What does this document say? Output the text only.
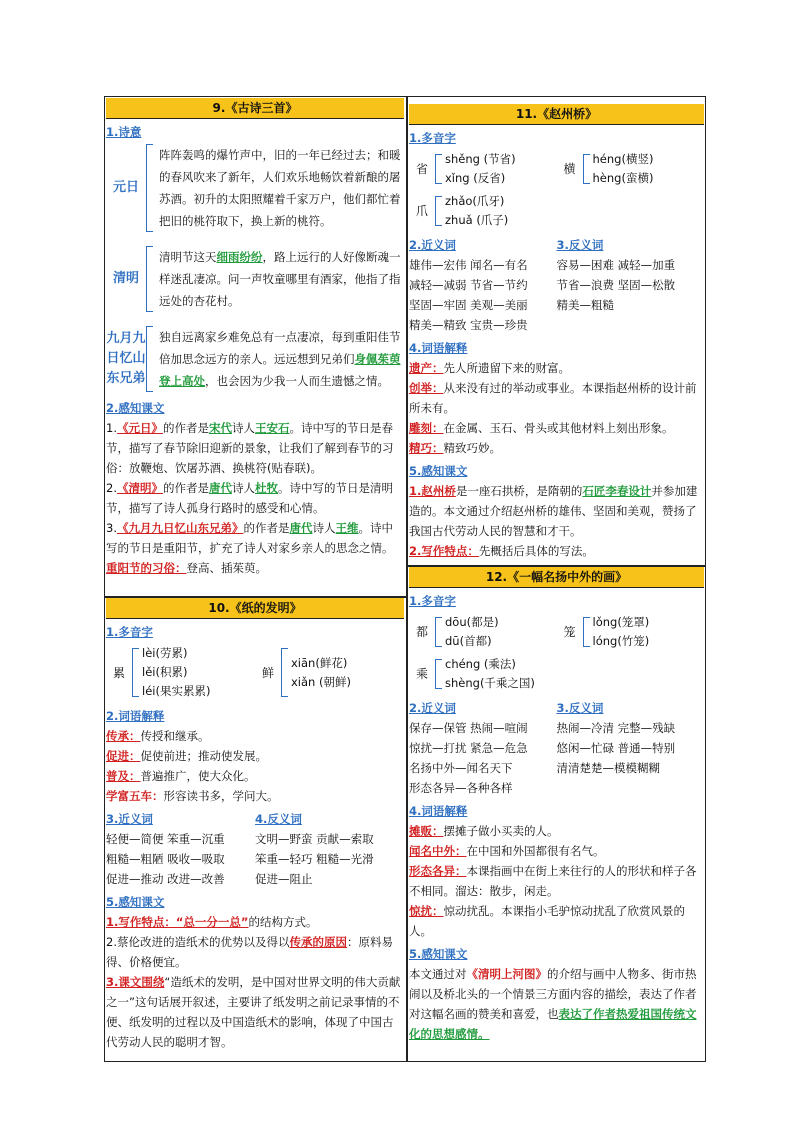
9.《古诗三首》
1.诗意
元日
阵阵轰鸣的爆竹声中，旧的一年已经过去；和暖的春风吹来了新年，人们欢乐地畅饮着新酿的屠苏酒。初升的太阳照耀着千家万户，他们都忙着把旧的桃符取下，换上新的桃符。
清明
清明节这天细雨纷纷，路上远行的人好像断魂一样迷乱凄凉。问一声牧童哪里有酒家，他指了指远处的杏花村。
九月九日忆山东兄弟
独自远离家乡难免总有一点凄凉，每到重阳佳节倍加思念远方的亲人。远远想到兄弟们身佩茱萸登上高处，也会因为少我一人而生遗憾之情。
2.感知课文

1.《元日》的作者是宋代诗人王安石。诗中写的节日是春节，描写了春节除旧迎新的景象，让我们了解到春节的习俗：放鞭炮、饮屠苏酒、换桃符(贴春联)。

2.《清明》的作者是唐代诗人杜牧。诗中写的节日是清明节，描写了诗人孤身行路时的感受和心情。

3.《九月九日忆山东兄弟》的作者是唐代诗人王维。诗中写的节日是重阳节，扩充了诗人对家乡亲人的思念之情。重阳节的习俗：登高、插茱萸。

10.《纸的发明》
1.多音字
累
lèi(劳累)
lěi(积累)
léi(果实累累)
鲜
xiān(鲜花)
xiǎn (朝鲜)
2.词语解释

传承：传授和继承。

促进：促使前进；推动使发展。

普及：普遍推广，使大众化。

学富五车：形容读书多，学问大。

3.近义词
轻便—简便 笨重—沉重
粗糙—粗陋 吸收—吸取
促进—推动 改进—改善
4.反义词
文明—野蛮 贡献—索取
笨重—轻巧 粗糙—光滑
促进—阻止
5.感知课文

1.写作特点：“总一分一总”的结构方式。

2.蔡伦改进的造纸术的优势以及得以传承的原因：原料易得、价格便宜。

3.课文围绕“造纸术的发明，是中国对世界文明的伟大贡献之一”这句话展开叙述，主要讲了纸发明之前记录事情的不便、纸发明的过程以及中国造纸术的影响，体现了中国古代劳动人民的聪明才智。

11.《赵州桥》
1.多音字
省
shěng (节省)
xǐng (反省)
横
héng(横竖)
hèng(蛮横)
爪
zhǎo(爪牙)
zhuǎ (爪子)
2.近义词
雄伟—宏伟 闻名—有名
减轻—减弱 节省—节约
坚固—牢固 美观—美丽
精美—精致 宝贵—珍贵
3.反义词
容易—困难 减轻—加重
节省—浪费 坚固—松散
精美—粗糙
4.词语解释

遗产：先人所遗留下来的财富。

创举：从来没有过的举动或事业。本课指赵州桥的设计前所未有。

雕刻：在金属、玉石、骨头或其他材料上刻出形象。

精巧：精致巧妙。

5.感知课文

1.赵州桥是一座石拱桥，是隋朝的石匠李春设计并参加建造的。本文通过介绍赵州桥的雄伟、坚固和美观，赞扬了我国古代劳动人民的智慧和才干。

2.写作特点：先概括后具体的写法。

12.《一幅名扬中外的画》
1.多音字
都
dōu(都是)
dū(首都)
笼
lǒng(笼罩)
lóng(竹笼)
乘
chéng (乘法)
shèng(千乘之国)
2.近义词
保存—保管 热闹—喧闹
惊扰—打扰 紧急—危急
名扬中外—闻名天下
形态各异—各种各样
3.反义词
热闹—冷清 完整—残缺
悠闲—忙碌 普通—特别
清清楚楚—模模糊糊
4.词语解释

摊贩：摆摊子做小买卖的人。

闻名中外：在中国和外国都很有名气。

形态各异：本课指画中在街上来往行的人的形状和样子各不相同。溜达：散步，闲走。

惊扰：惊动扰乱。本课指小毛驴惊动扰乱了欣赏风景的人。

5.感知课文

本文通过对《清明上河图》的介绍与画中人物多、街市热闹以及桥北头的一个情景三方面内容的描绘，表达了作者对这幅名画的赞美和喜爱，也表达了作者热爱祖国传统文化的思想感情。
